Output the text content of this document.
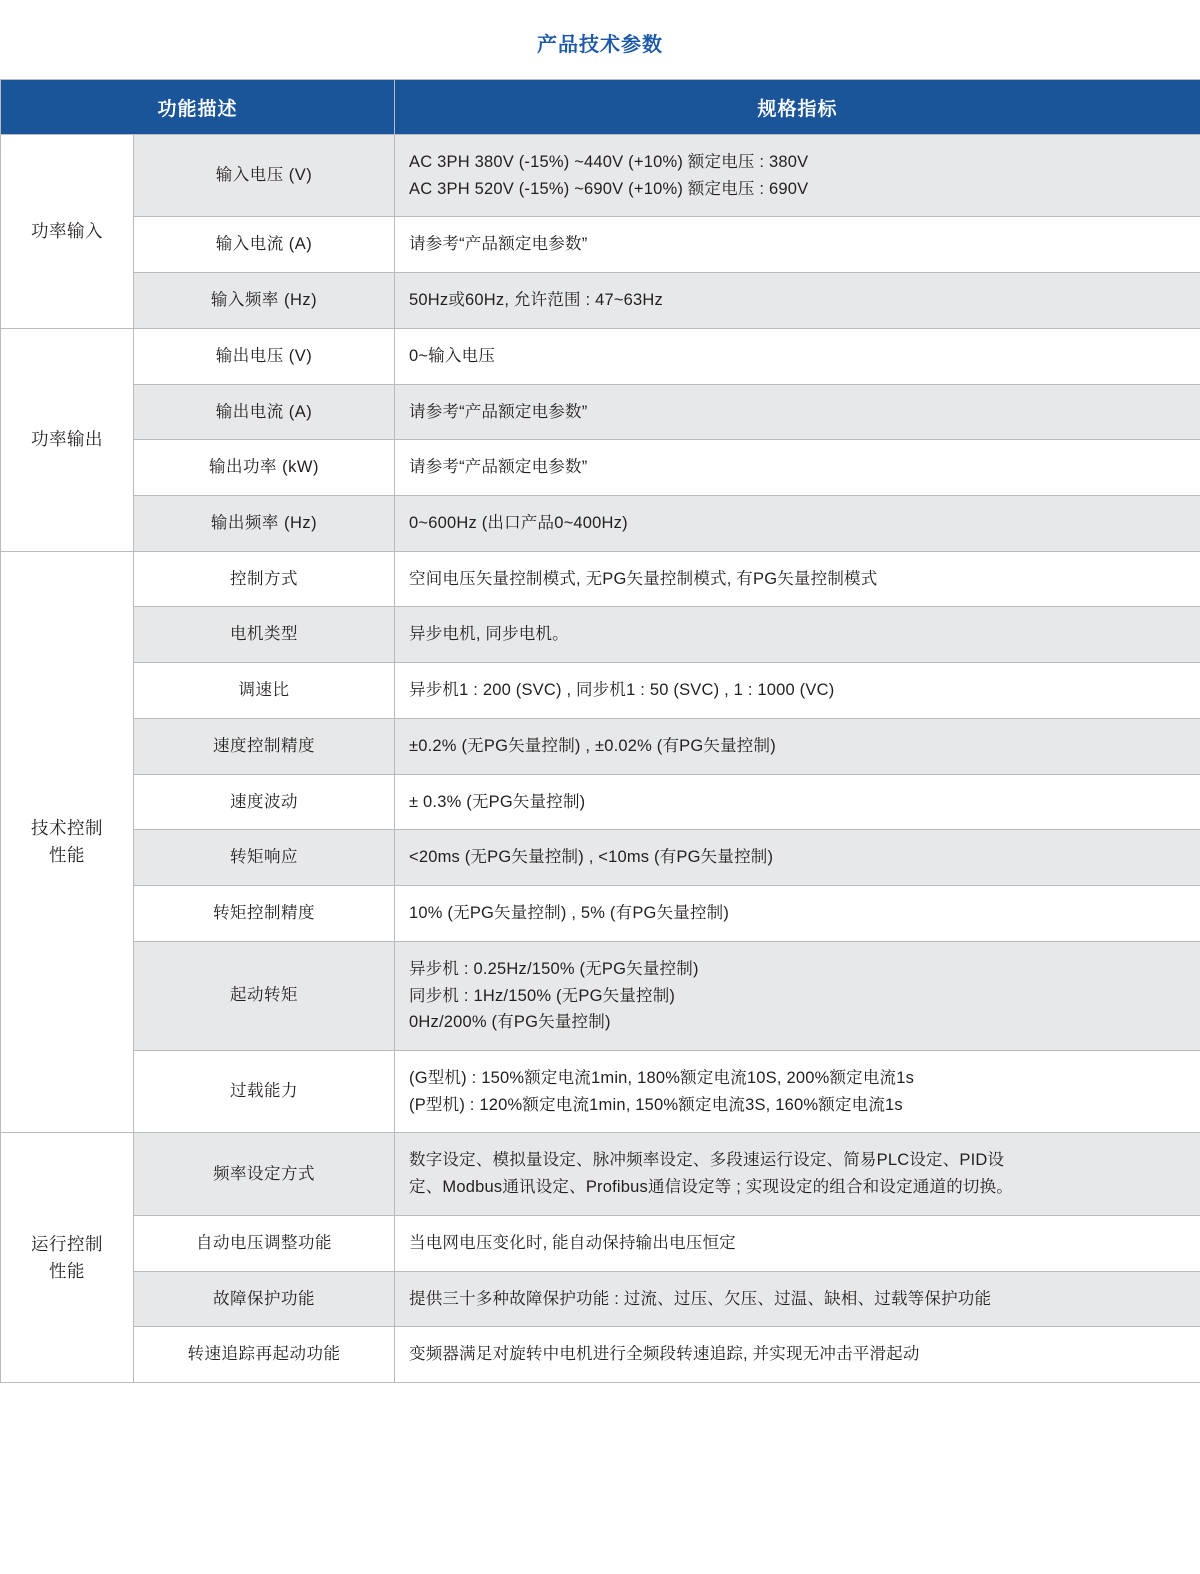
产品技术参数
功能描述		规格指标
功率输入	输入电压 (V)	AC 3PH 380V (-15%) ~440V (+10%) 额定电压 : 380V
AC 3PH 520V (-15%) ~690V (+10%) 额定电压 : 690V

	输入电流 (A)	请参考“产品额定电参数”

	输入频率 (Hz)	50Hz或60Hz, 允许范围 : 47~63Hz

功率输出	输出电压 (V)	0~输入电压

	输出电流 (A)	请参考“产品额定电参数”

	输出功率 (kW)	请参考“产品额定电参数”

	输出频率 (Hz)	0~600Hz (出口产品0~400Hz)

技术控制
性能	控制方式	空间电压矢量控制模式, 无PG矢量控制模式, 有PG矢量控制模式

	电机类型	异步电机, 同步电机。

	调速比	异步机1 : 200 (SVC) , 同步机1 : 50 (SVC) , 1 : 1000 (VC)

	速度控制精度	±0.2% (无PG矢量控制) , ±0.02% (有PG矢量控制)

	速度波动	± 0.3% (无PG矢量控制)

	转矩响应	<20ms (无PG矢量控制) , <10ms (有PG矢量控制)

	转矩控制精度	10% (无PG矢量控制) , 5% (有PG矢量控制)

	起动转矩	异步机 : 0.25Hz/150% (无PG矢量控制)
同步机 : 1Hz/150% (无PG矢量控制)
0Hz/200% (有PG矢量控制)

	过载能力	(G型机) : 150%额定电流1min, 180%额定电流10S, 200%额定电流1s
(P型机) : 120%额定电流1min, 150%额定电流3S, 160%额定电流1s

运行控制
性能	频率设定方式	数字设定、模拟量设定、脉冲频率设定、多段速运行设定、简易PLC设定、PID设
定、Modbus通讯设定、Profibus通信设定等 ; 实现设定的组合和设定通道的切换。

	自动电压调整功能	当电网电压变化时, 能自动保持输出电压恒定

	故障保护功能	提供三十多种故障保护功能 : 过流、过压、欠压、过温、缺相、过载等保护功能

	转速追踪再起动功能	变频器满足对旋转中电机进行全频段转速追踪, 并实现无冲击平滑起动
